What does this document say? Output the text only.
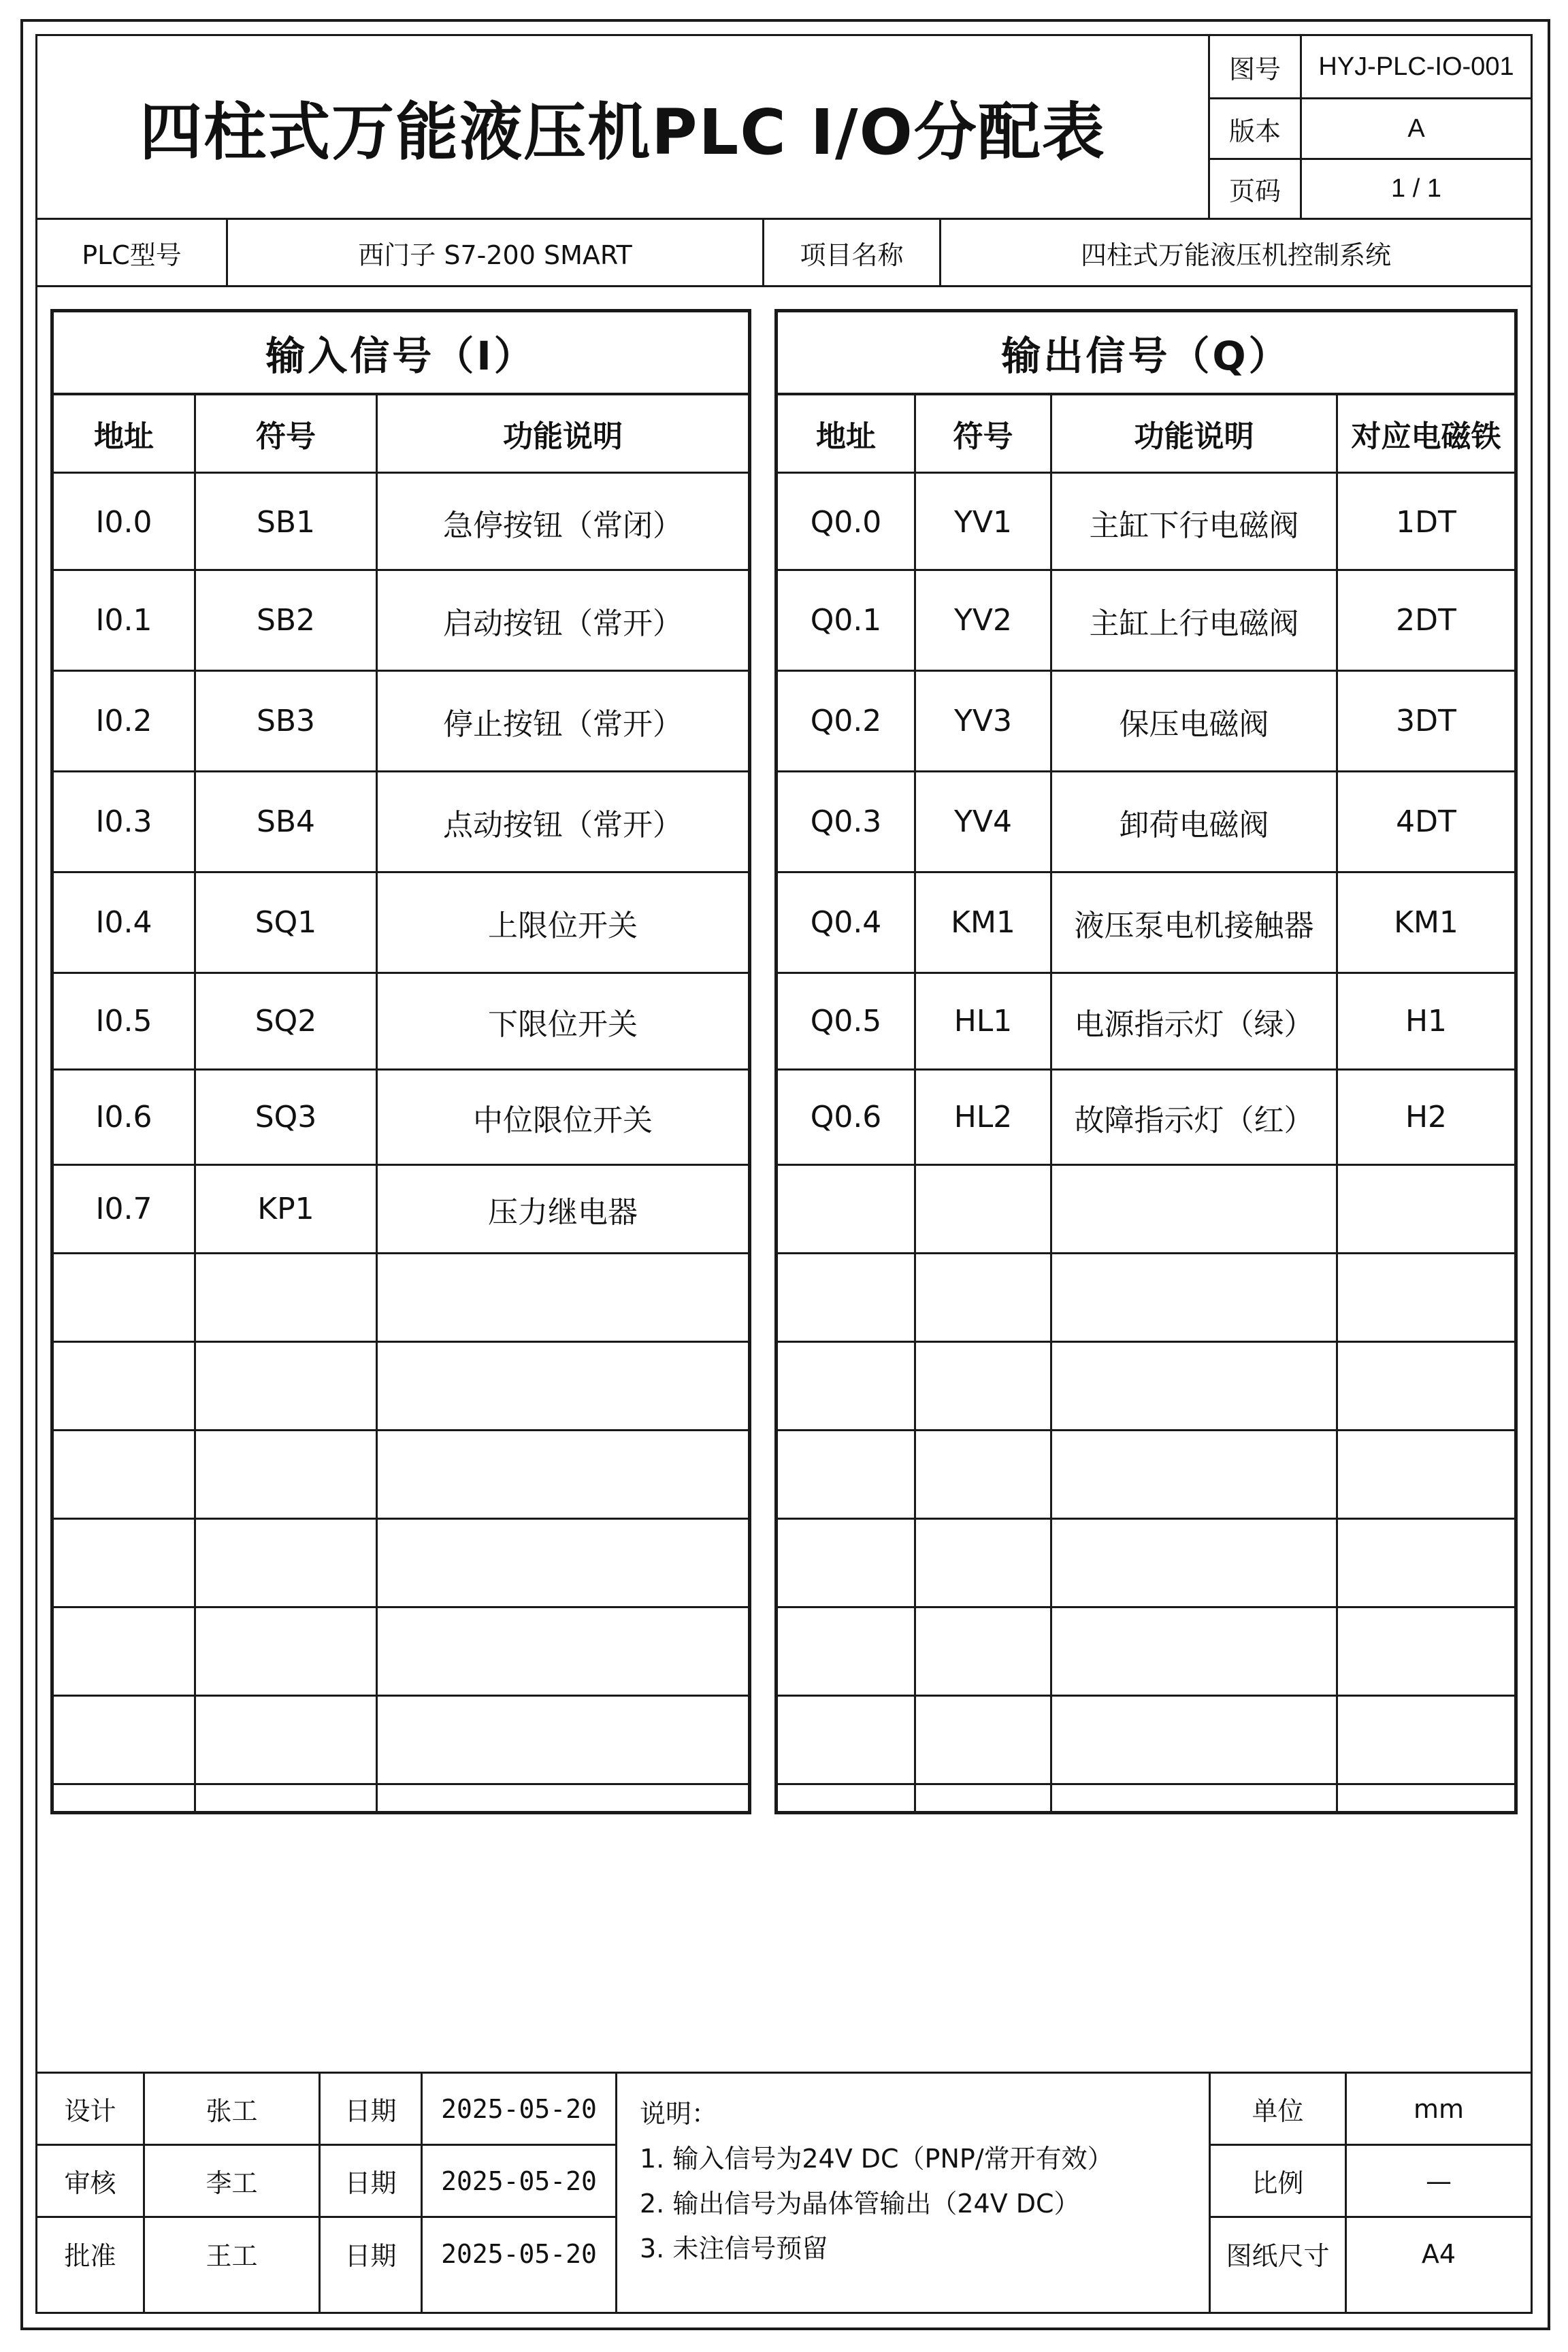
四柱式万能液压机PLC I/O分配表
图号	HYJ-PLC-IO-001
版本	A
页码	1 / 1
PLC型号	西门子 S7-200 SMART	项目名称	四柱式万能液压机控制系统
输入信号（I）
地址	符号	功能说明
I0.0	SB1	急停按钮（常闭）
I0.1	SB2	启动按钮（常开）
I0.2	SB3	停止按钮（常开）
I0.3	SB4	点动按钮（常开）
I0.4	SQ1	上限位开关
I0.5	SQ2	下限位开关
I0.6	SQ3	中位限位开关
I0.7	KP1	压力继电器
输出信号（Q）
地址	符号	功能说明	对应电磁铁
Q0.0	YV1	主缸下行电磁阀	1DT
Q0.1	YV2	主缸上行电磁阀	2DT
Q0.2	YV3	保压电磁阀	3DT
Q0.3	YV4	卸荷电磁阀	4DT
Q0.4	KM1	液压泵电机接触器	KM1
Q0.5	HL1	电源指示灯（绿）	H1
Q0.6	HL2	故障指示灯（红）	H2
设计	张工	日期	2025-05-20
审核	李工	日期	2025-05-20
批准	王工	日期	2025-05-20
说明：
1. 输入信号为24V DC（PNP/常开有效）
2. 输出信号为晶体管输出（24V DC）
3. 未注信号预留
单位	mm
比例	—
图纸尺寸	A4
